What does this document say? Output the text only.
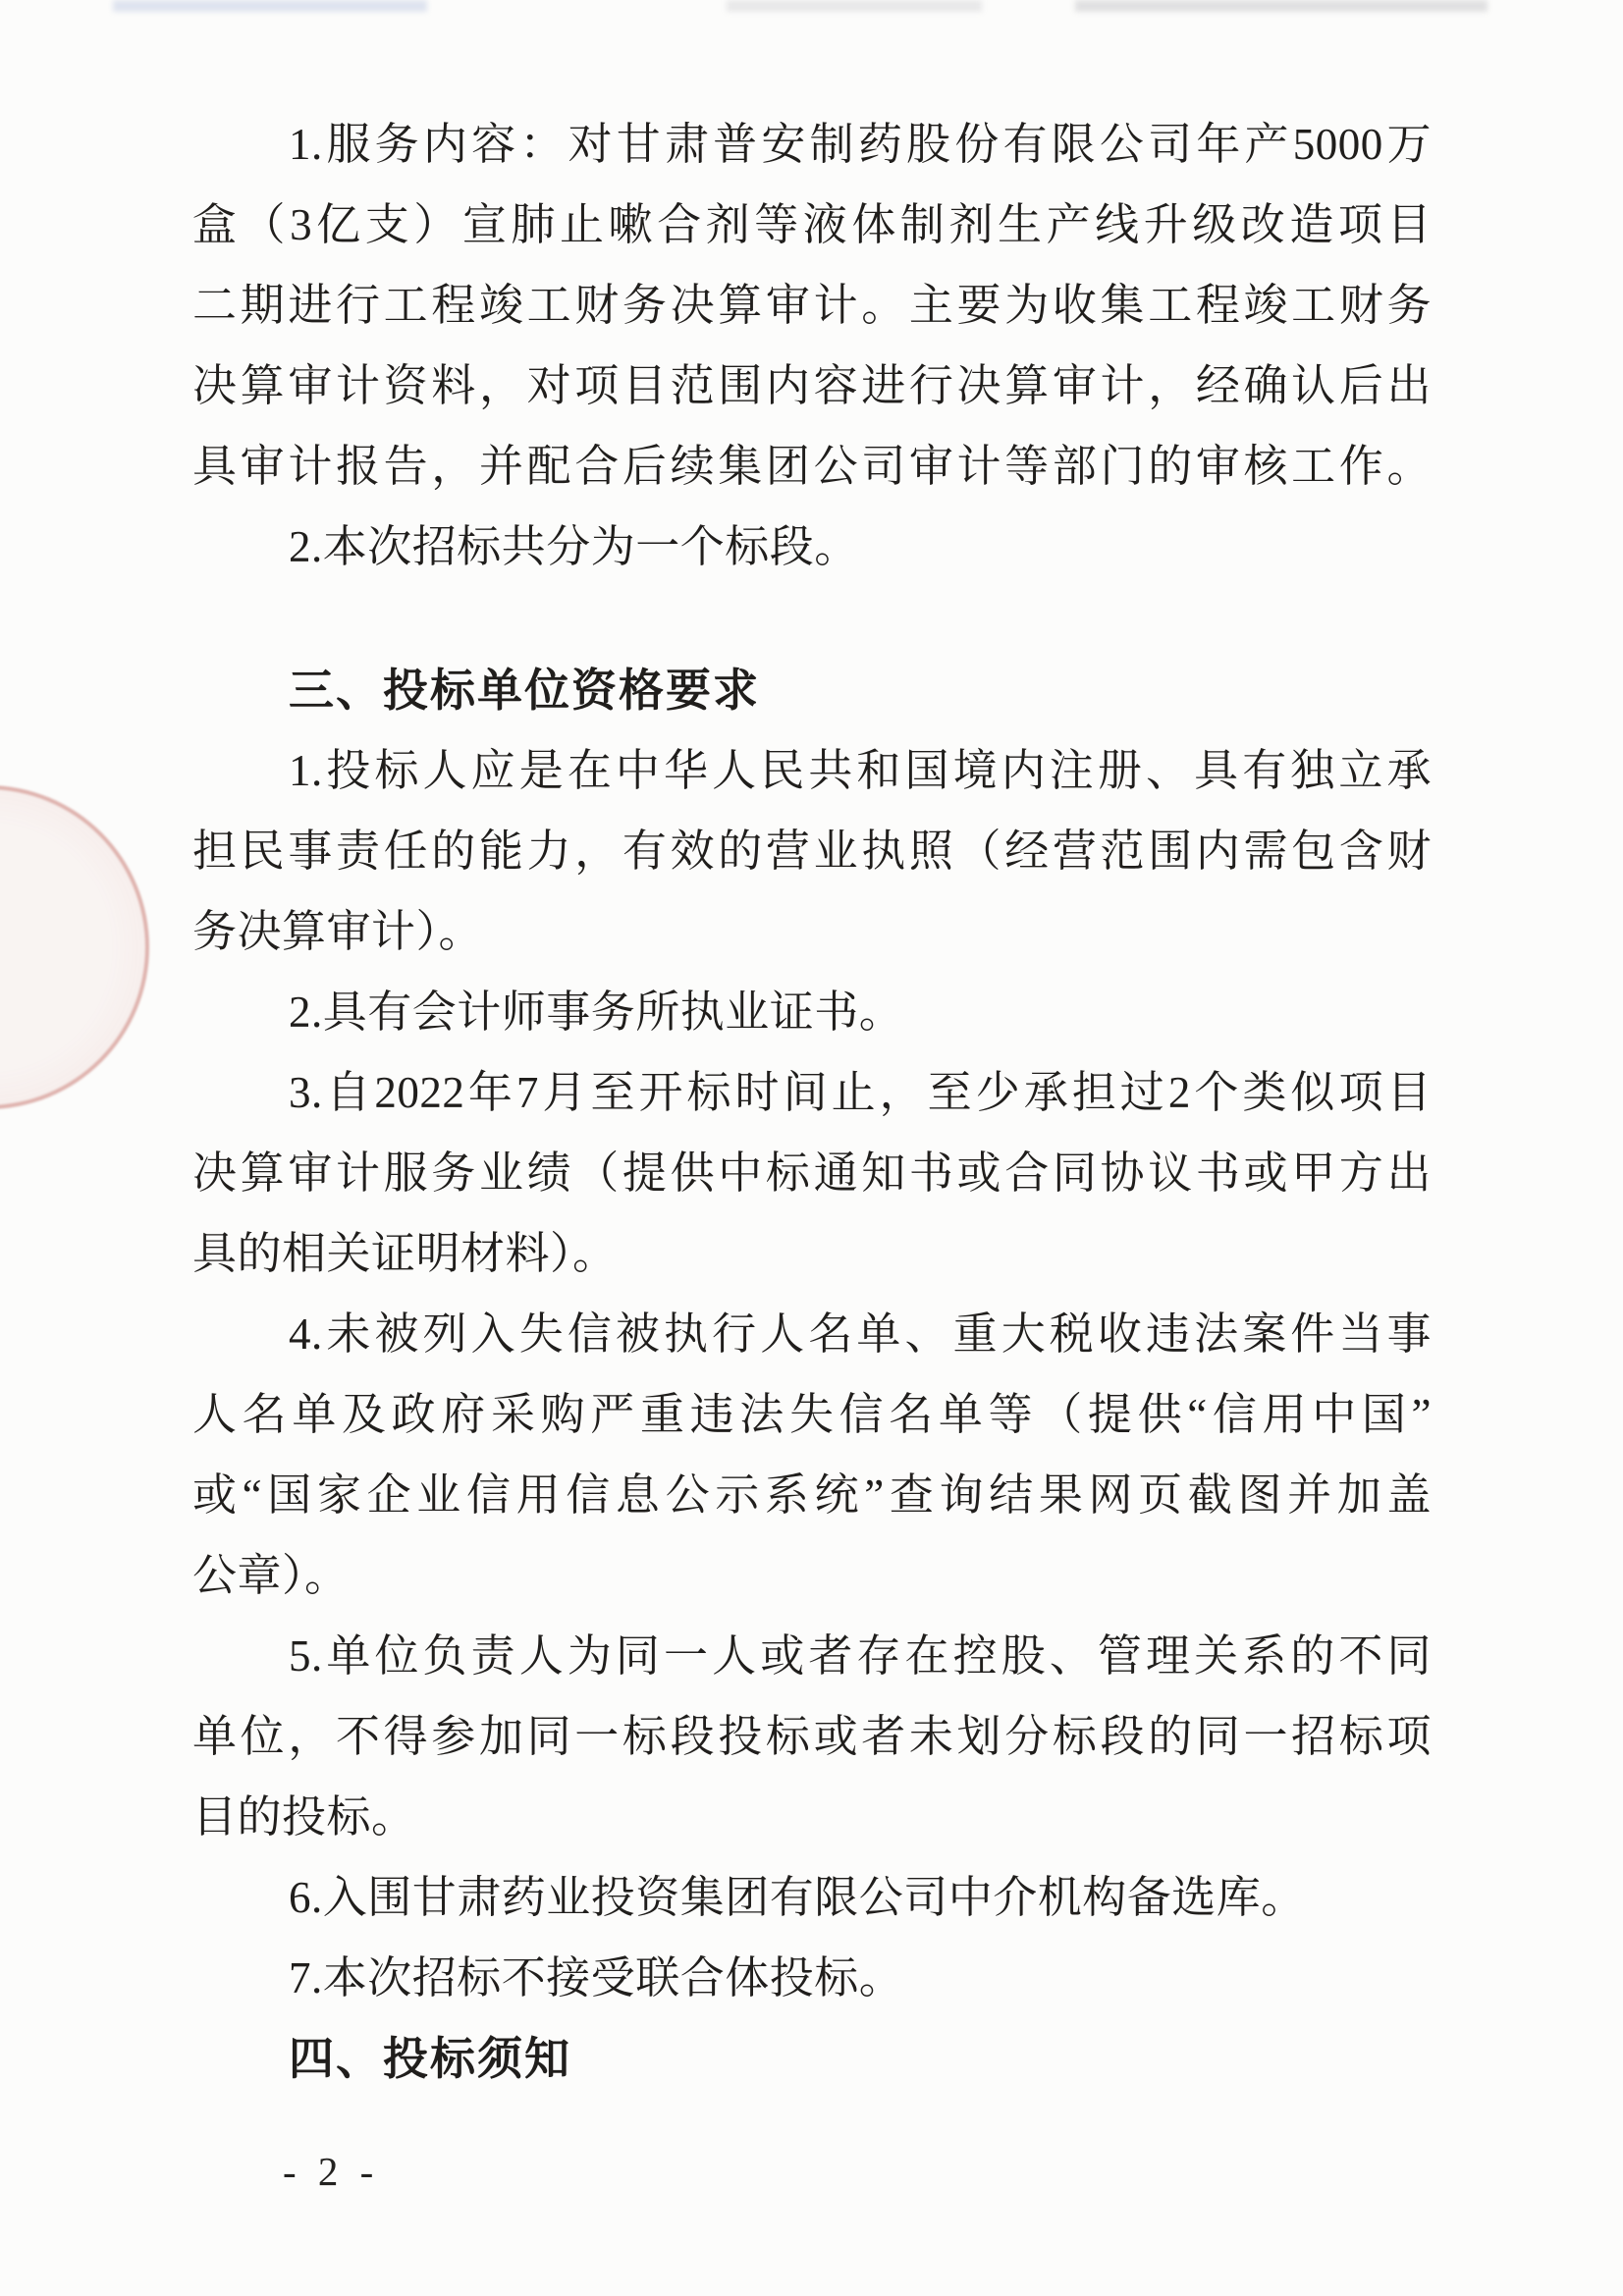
1.服务内容：对甘肃普安制药股份有限公司年产5000万
盒（3亿支）宣肺止嗽合剂等液体制剂生产线升级改造项目
二期进行工程竣工财务决算审计。主要为收集工程竣工财务
决算审计资料，对项目范围内容进行决算审计，经确认后出
具审计报告，并配合后续集团公司审计等部门的审核工作。
2.本次招标共分为一个标段。
三、投标单位资格要求
1.投标人应是在中华人民共和国境内注册、具有独立承
担民事责任的能力，有效的营业执照（经营范围内需包含财
务决算审计）。
2.具有会计师事务所执业证书。
3.自2022年7月至开标时间止，至少承担过2个类似项目
决算审计服务业绩（提供中标通知书或合同协议书或甲方出
具的相关证明材料）。
4.未被列入失信被执行人名单、重大税收违法案件当事
人名单及政府采购严重违法失信名单等（提供“信用中国”
或“国家企业信用信息公示系统”查询结果网页截图并加盖
公章）。
5.单位负责人为同一人或者存在控股、管理关系的不同
单位，不得参加同一标段投标或者未划分标段的同一招标项
目的投标。
6.入围甘肃药业投资集团有限公司中介机构备选库。
7.本次招标不接受联合体投标。
四、投标须知
- 2 -
